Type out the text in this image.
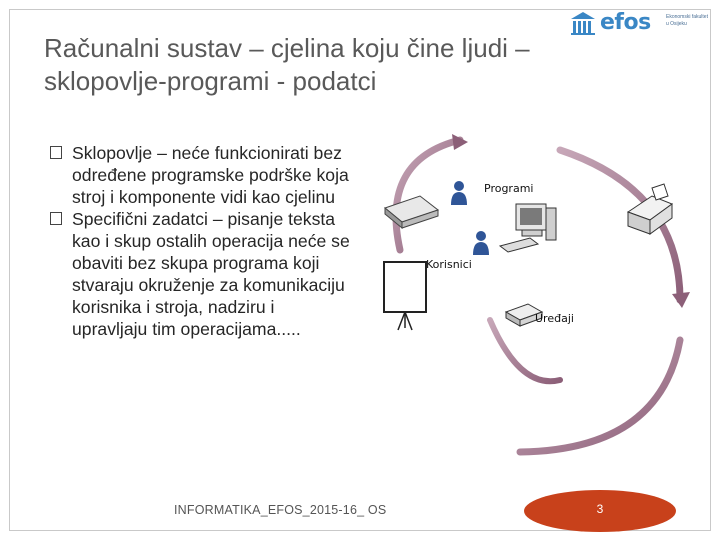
efos	Ekonomski fakultet
u Osijeku
Računalni sustav – cjelina koju čine ljudi – sklopovlje-programi - podatci
Sklopovlje – neće funkcionirati bez određene programske podrške koja stroj i komponente vidi kao cjelinu
Specifični zadatci – pisanje teksta kao i skup ostalih operacija neće se obaviti bez skupa programa koji stvaraju okruženje za komunikaciju korisnika i stroja, nadziru i upravljaju tim operacijama.....
Programi
Korisnici
Uređaji
INFORMATIKA_EFOS_2015-16_ OS	3
